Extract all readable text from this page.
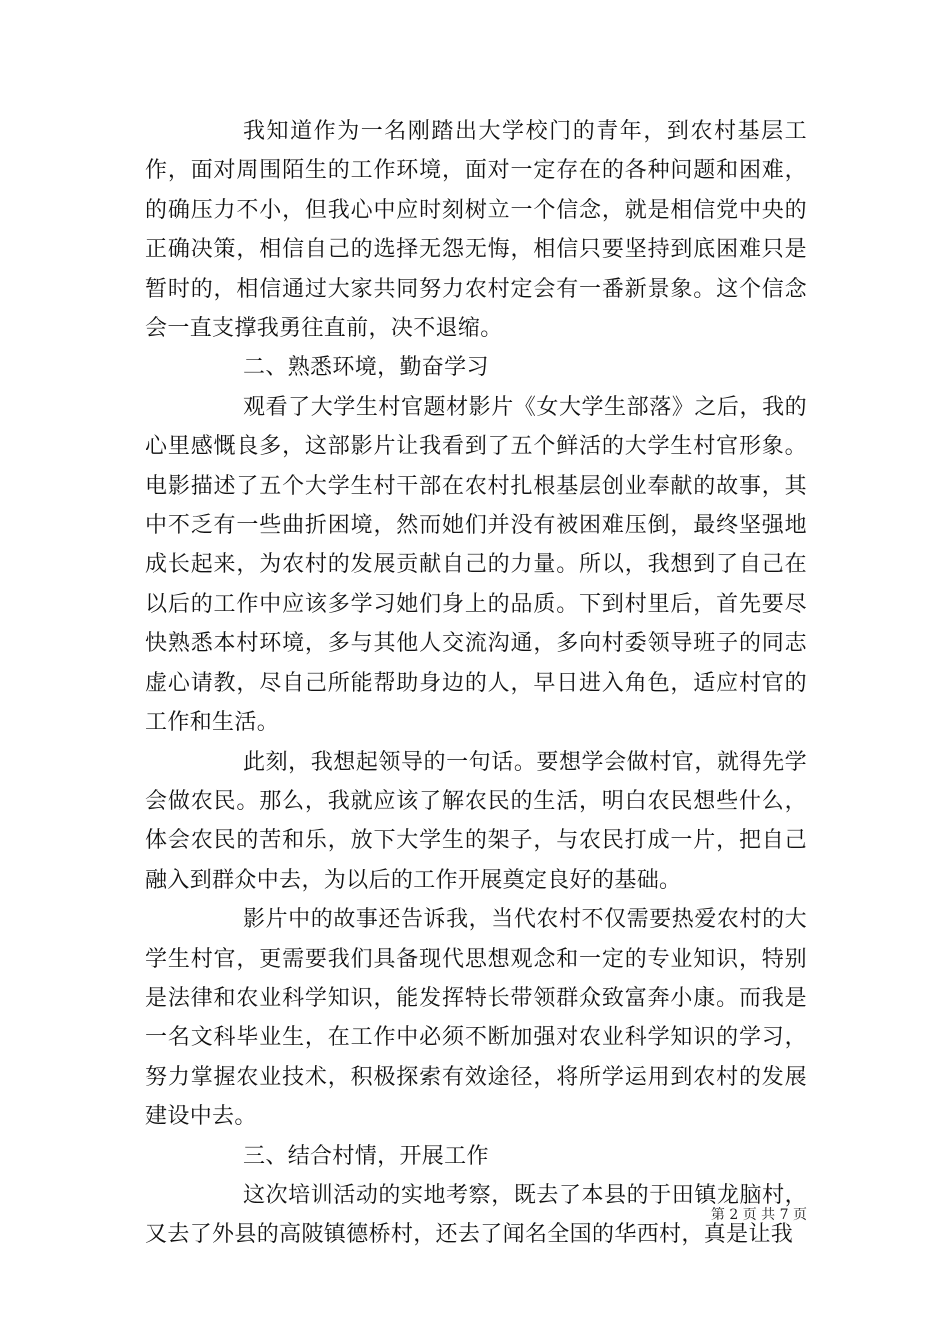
我知道作为一名刚踏出大学校门的青年，到农村基层工作，面对周围陌生的工作环境，面对一定存在的各种问题和困难，的确压力不小，但我心中应时刻树立一个信念，就是相信党中央的正确决策，相信自己的选择无怨无悔，相信只要坚持到底困难只是暂时的，相信通过大家共同努力农村定会有一番新景象。这个信念会一直支撑我勇往直前，决不退缩。

二、熟悉环境，勤奋学习

观看了大学生村官题材影片《女大学生部落》之后，我的心里感慨良多，这部影片让我看到了五个鲜活的大学生村官形象。电影描述了五个大学生村干部在农村扎根基层创业奉献的故事，其中不乏有一些曲折困境，然而她们并没有被困难压倒，最终坚强地成长起来，为农村的发展贡献自己的力量。所以，我想到了自己在以后的工作中应该多学习她们身上的品质。下到村里后，首先要尽快熟悉本村环境，多与其他人交流沟通，多向村委领导班子的同志虚心请教，尽自己所能帮助身边的人，早日进入角色，适应村官的工作和生活。

此刻，我想起领导的一句话。要想学会做村官，就得先学会做农民。那么，我就应该了解农民的生活，明白农民想些什么，体会农民的苦和乐，放下大学生的架子，与农民打成一片，把自己融入到群众中去，为以后的工作开展奠定良好的基础。

影片中的故事还告诉我，当代农村不仅需要热爱农村的大学生村官，更需要我们具备现代思想观念和一定的专业知识，特别是法律和农业科学知识，能发挥特长带领群众致富奔小康。而我是一名文科毕业生，在工作中必须不断加强对农业科学知识的学习，努力掌握农业技术，积极探索有效途径，将所学运用到农村的发展建设中去。

三、结合村情，开展工作

这次培训活动的实地考察，既去了本县的于田镇龙脑村，又去了外县的高陂镇德桥村，还去了闻名全国的华西村，真是让我

第 2 页 共 7 页
